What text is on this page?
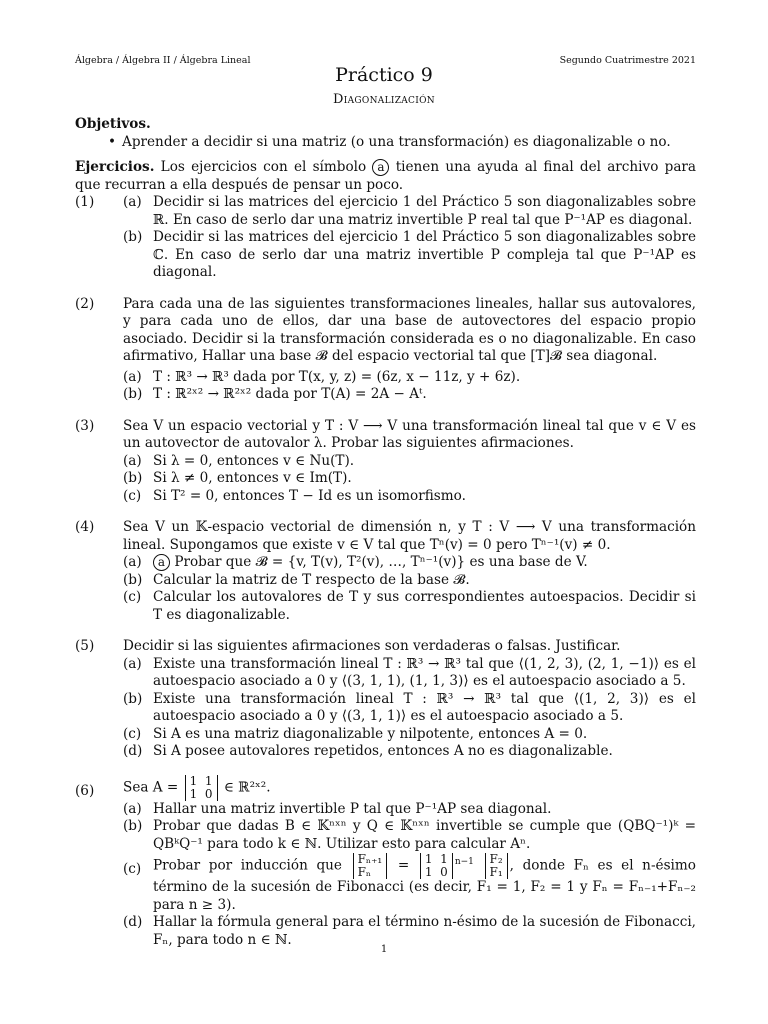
Álgebra / Álgebra II / Álgebra Lineal	Segundo Cuatrimestre 2021
Práctico 9
Diagonalización

Objetivos.

• Aprender a decidir si una matriz (o una transformación) es diagonalizable o no.

Ejercicios. Los ejercicios con el símbolo a tienen una ayuda al final del archivo para que recurran a ella después de pensar un poco.

(1) (a) Decidir si las matrices del ejercicio 1 del Práctico 5 son diagonalizables sobre ℝ. En caso de serlo dar una matriz invertible P real tal que P⁻¹AP es diagonal.

(b) Decidir si las matrices del ejercicio 1 del Práctico 5 son diagonalizables sobre ℂ. En caso de serlo dar una matriz invertible P compleja tal que P⁻¹AP es diagonal.

(2) Para cada una de las siguientes transformaciones lineales, hallar sus autovalores, y para cada uno de ellos, dar una base de autovectores del espacio propio asociado. Decidir si la transformación considerada es o no diagonalizable. En caso afirmativo, Hallar una base 𝓑 del espacio vectorial tal que [T]𝓑 sea diagonal.

(a) T : ℝ³ → ℝ³ dada por T(x, y, z) = (6z, x − 11z, y + 6z).

(b) T : ℝ²ˣ² → ℝ²ˣ² dada por T(A) = 2A − Aᵗ.

(3) Sea V un espacio vectorial y T : V ⟶ V una transformación lineal tal que v ∈ V es un autovector de autovalor λ. Probar las siguientes afirmaciones.

(a) Si λ = 0, entonces v ∈ Nu(T).

(b) Si λ ≠ 0, entonces v ∈ Im(T).

(c) Si T² = 0, entonces T − Id es un isomorfismo.

(4) Sea V un 𝕂-espacio vectorial de dimensión n, y T : V ⟶ V una transformación lineal. Supongamos que existe v ∈ V tal que Tⁿ(v) = 0 pero Tⁿ⁻¹(v) ≠ 0.

(a)	a Probar que 𝓑 = {v, T(v), T²(v), …, Tⁿ⁻¹(v)} es una base de V.

(b) Calcular la matriz de T respecto de la base 𝓑.

(c) Calcular los autovalores de T y sus correspondientes autoespacios. Decidir si T es diagonalizable.

(5) Decidir si las siguientes afirmaciones son verdaderas o falsas. Justificar.

(a) Existe una transformación lineal T : ℝ³ → ℝ³ tal que ⟨(1, 2, 3), (2, 1, −1)⟩ es el autoespacio asociado a 0 y ⟨(3, 1, 1), (1, 1, 3)⟩ es el autoespacio asociado a 5.

(b) Existe una transformación lineal T : ℝ³ → ℝ³ tal que ⟨(1, 2, 3)⟩ es el autoespacio asociado a 0 y ⟨(3, 1, 1)⟩ es el autoespacio asociado a 5.

(c) Si A es una matriz diagonalizable y nilpotente, entonces A = 0.

(d) Si A posee autovalores repetidos, entonces A no es diagonalizable.

(6) Sea A = 1 1
1 0 ∈ ℝ²ˣ².

(a) Hallar una matriz invertible P tal que P⁻¹AP sea diagonal.

(b) Probar que dadas B ∈ 𝕂ⁿˣⁿ y Q ∈ 𝕂ⁿˣⁿ invertible se cumple que (QBQ⁻¹)ᵏ = QBᵏQ⁻¹ para todo k ∈ ℕ. Utilizar esto para calcular Aⁿ.

(c) Probar por inducción que Fₙ₊₁
Fₙ = 1 1
1 $0^{n-1}$ F₂
F₁ , donde Fₙ es el n-ésimo término de la sucesión de Fibonacci (es decir, F₁ = 1, F₂ = 1 y Fₙ = Fₙ₋₁+Fₙ₋₂ para n ≥ 3).

(d) Hallar la fórmula general para el término n-ésimo de la sucesión de Fibonacci, Fₙ, para todo n ∈ ℕ.

1
